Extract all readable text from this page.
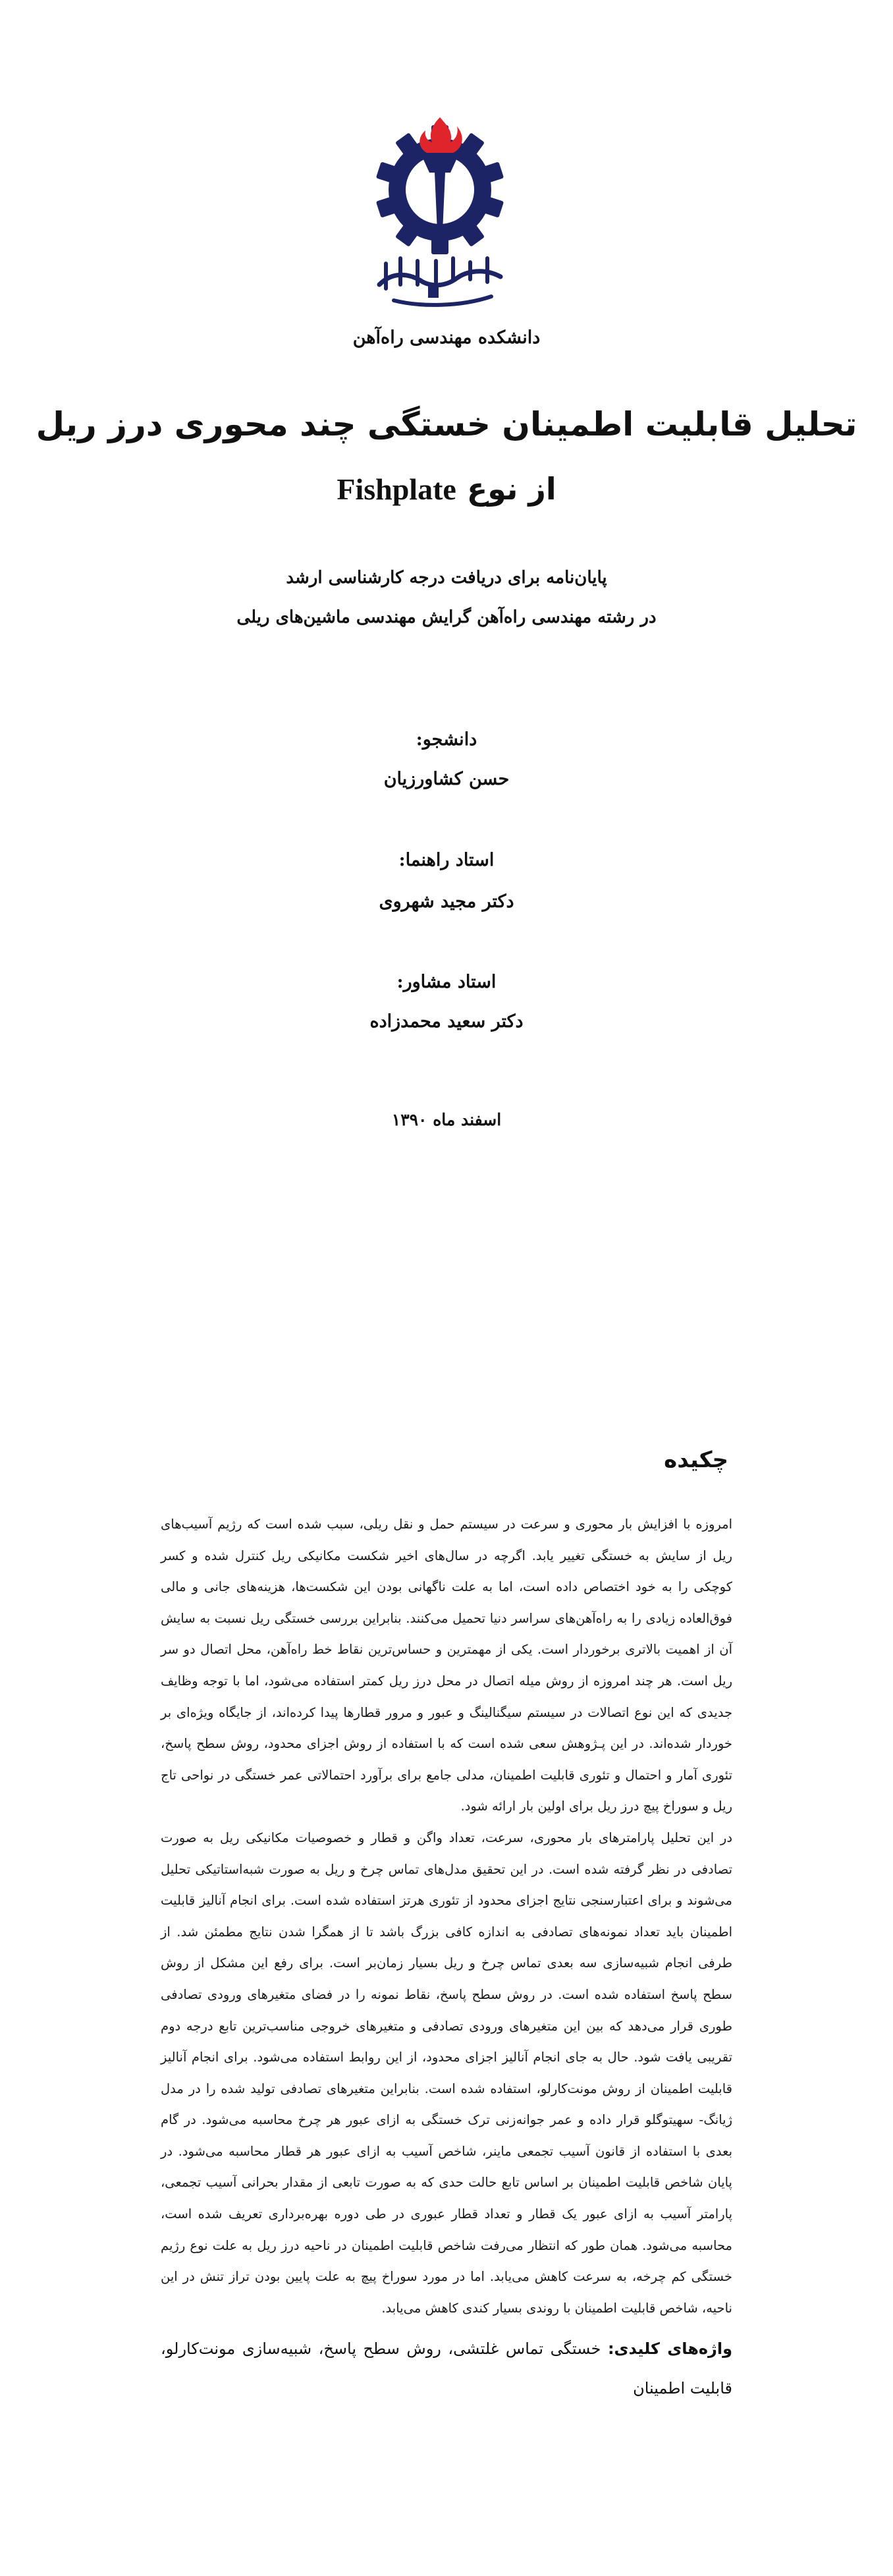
دانشکده مهندسی راه‌آهن
تحلیل قابلیت اطمینان خستگی چند محوری درز ریل
از نوع Fishplate
پایان‌نامه برای دریافت درجه کارشناسی ارشد
در رشته مهندسی راه‌آهن گرایش مهندسی ماشین‌های ریلی
دانشجو:
حسن کشاورزیان
استاد راهنما:
دکتر مجید شهروی
استاد مشاور:
دکتر سعید محمدزاده
اسفند ماه ۱۳۹۰
چکیده

امروزه با افزایش بار محوری و سرعت در سیستم حمل و نقل ریلی، سبب شده است که رژیم آسیب‌های ریل از سایش به خستگی تغییر یابد. اگرچه در سال‌های اخیر شکست مکانیکی ریل کنترل شده و کسر کوچکی را به خود اختصاص داده است، اما به علت ناگهانی بودن این شکست‌ها، هزینه‌های جانی و مالی فوق‌العاده زیادی را به راه‌آهن‌های سراسر دنیا تحمیل می‌کنند. بنابراین بررسی خستگی ریل نسبت به سایش آن از اهمیت بالاتری برخوردار است. یکی از مهمترین و حساس‌ترین نقاط خط راه‌آهن، محل اتصال دو سر ریل است. هر چند امروزه از روش میله اتصال در محل درز ریل کمتر استفاده می‌شود، اما با توجه وظایف جدیدی که این نوع اتصالات در سیستم سیگنالینگ و عبور و مرور قطارها پیدا کرده‌اند، از جایگاه ویژه‌ای بر خوردار شده‌اند. در این پـژوهش سعی شده است که با استفاده از روش اجزای محدود، روش سطح پاسخ، تئوری آمار و احتمال و تئوری قابلیت اطمینان، مدلی جامع برای برآورد احتمالاتی عمر خستگی در نواحی تاج ریل و سوراخ پیچ درز ریل برای اولین بار ارائه شود.

در این تحلیل پارامترهای بار محوری، سرعت، تعداد واگن و قطار و خصوصیات مکانیکی ریل به صورت تصادفی در نظر گرفته شده است. در این تحقیق مدل‌های تماس چرخ و ریل به صورت شبه‌استاتیکی تحلیل می‌شوند و برای اعتبارسنجی نتایج اجزای محدود از تئوری هرتز استفاده شده است. برای انجام آنالیز قابلیت اطمینان باید تعداد نمونه‌های تصادفی به اندازه کافی بزرگ باشد تا از همگرا شدن نتایج مطمئن شد. از طرفی انجام شبیه‌سازی سه بعدی تماس چرخ و ریل بسیار زمان‌بر است. برای رفع این مشکل از روش سطح پاسخ استفاده شده است. در روش سطح پاسخ، نقاط نمونه را در فضای متغیرهای ورودی تصادفی طوری قرار می‌دهد که بین این متغیرهای ورودی تصادفی و متغیرهای خروجی مناسب‌ترین تابع درجه دوم تقریبی یافت شود. حال به جای انجام آنالیز اجزای محدود، از این روابط استفاده می‌شود. برای انجام آنالیز قابلیت اطمینان از روش مونت‌کارلو، استفاده شده است. بنابراین متغیرهای تصادفی تولید شده را در مدل ژیانگ- سهیتوگلو قرار داده و عمر جوانه‌زنی ترک خستگی به ازای عبور هر چرخ محاسبه می‌شود. در گام بعدی با استفاده از قانون آسیب تجمعی ماینر، شاخص آسیب به ازای عبور هر قطار محاسبه می‌شود. در پایان شاخص قابلیت اطمینان بر اساس تابع حالت حدی که به صورت تابعی از مقدار بحرانی آسیب تجمعی، پارامتر آسیب به ازای عبور یک قطار و تعداد قطار عبوری در طی دوره بهره‌برداری تعریف شده است، محاسبه می‌شود. همان طور که انتظار می‌رفت شاخص قابلیت اطمینان در ناحیه درز ریل به علت نوع رژیم خستگی کم چرخه، به سرعت کاهش می‌یابد. اما در مورد سوراخ پیچ به علت پایین بودن تراز تنش در این ناحیه، شاخص قابلیت اطمینان با روندی بسیار کندی کاهش می‌یابد.

واژه‌های کلیدی: خستگی تماس غلتشی، روش سطح پاسخ، شبیه‌سازی مونت‌کارلو، قابلیت اطمینان
